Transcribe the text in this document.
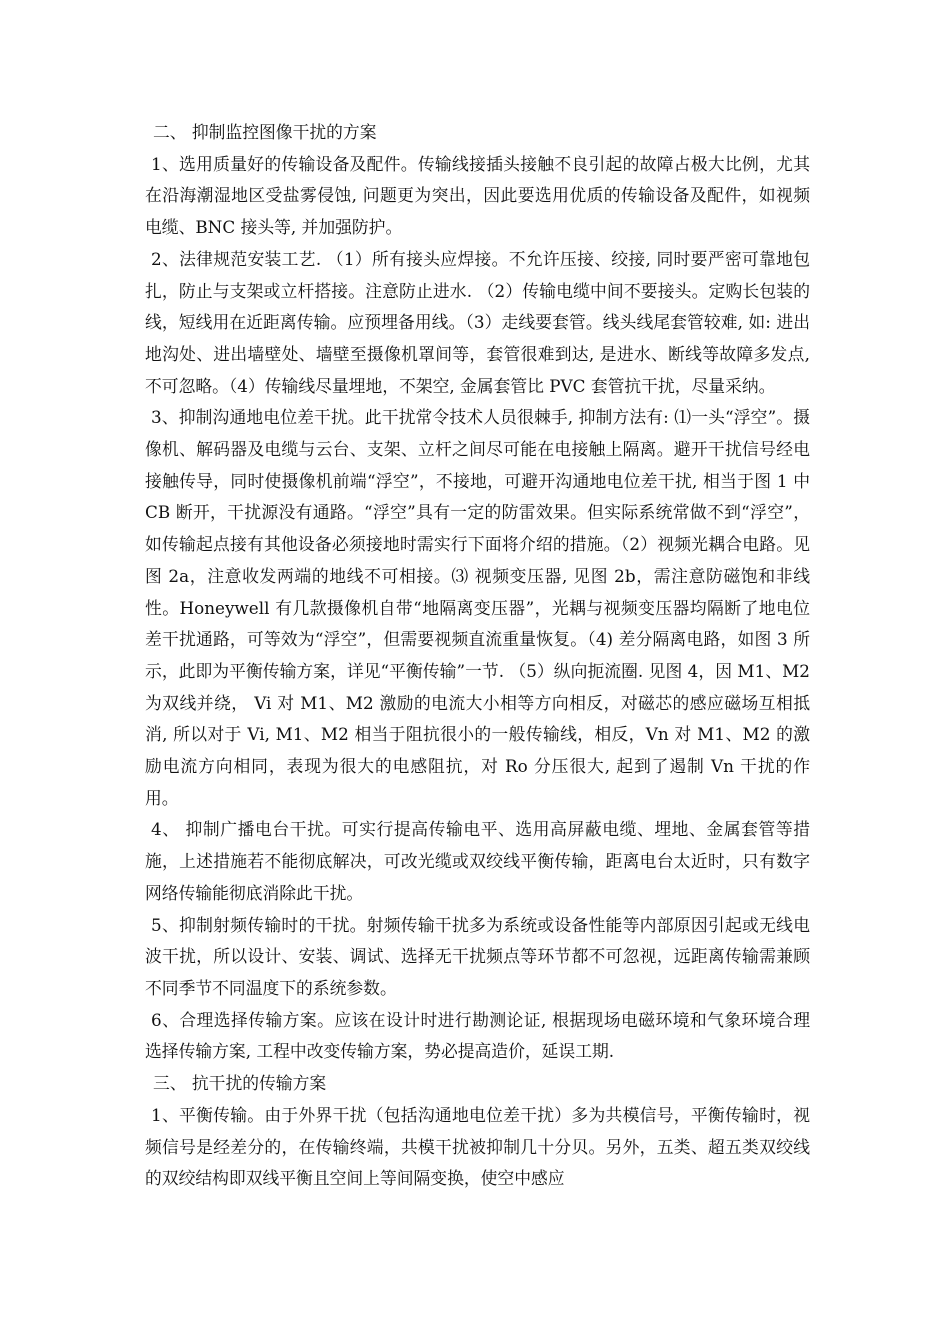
二、 抑制监控图像干扰的方案

1、选用质量好的传输设备及配件。传输线接插头接触不良引起的故障占极大比例，尤其在沿海潮湿地区受盐雾侵蚀, 问题更为突出，因此要选用优质的传输设备及配件，如视频电缆、BNC 接头等, 并加强防护。

2、法律规范安装工艺. （1）所有接头应焊接。不允许压接、绞接, 同时要严密可靠地包扎，防止与支架或立杆搭接。注意防止进水. （2）传输电缆中间不要接头。定购长包装的线，短线用在近距离传输。应预埋备用线。（3）走线要套管。线头线尾套管较难, 如: 进出地沟处、进出墙壁处、墙壁至摄像机罩间等，套管很难到达, 是进水、断线等故障多发点, 不可忽略。（4）传输线尽量埋地，不架空, 金属套管比 PVC 套管抗干扰，尽量采纳。

3、抑制沟通地电位差干扰。此干扰常令技术人员很棘手, 抑制方法有: ⑴一头“浮空”。摄像机、解码器及电缆与云台、支架、立杆之间尽可能在电接触上隔离。避开干扰信号经电接触传导，同时使摄像机前端“浮空”，不接地，可避开沟通地电位差干扰, 相当于图 1 中 CB 断开，干扰源没有通路。“浮空”具有一定的防雷效果。但实际系统常做不到“浮空”，如传输起点接有其他设备必须接地时需实行下面将介绍的措施。（2）视频光耦合电路。见图 2a，注意收发两端的地线不可相接。⑶ 视频变压器, 见图 2b，需注意防磁饱和非线性。Honeywell 有几款摄像机自带“地隔离变压器”，光耦与视频变压器均隔断了地电位差干扰通路，可等效为“浮空”，但需要视频直流重量恢复。（4) 差分隔离电路，如图 3 所示，此即为平衡传输方案，详见“平衡传输”一节. （5）纵向扼流圈. 见图 4，因 M1、M2 为双线并绕， Vi 对 M1、M2 激励的电流大小相等方向相反，对磁芯的感应磁场互相抵消, 所以对于 Vi, M1、M2 相当于阻抗很小的一般传输线，相反，Vn 对 M1、M2 的激励电流方向相同，表现为很大的电感阻抗，对 Ro 分压很大, 起到了遏制 Vn 干扰的作用。

4、 抑制广播电台干扰。可实行提高传输电平、选用高屏蔽电缆、埋地、金属套管等措施，上述措施若不能彻底解决，可改光缆或双绞线平衡传输，距离电台太近时，只有数字网络传输能彻底消除此干扰。

5、抑制射频传输时的干扰。射频传输干扰多为系统或设备性能等内部原因引起或无线电波干扰，所以设计、安装、调试、选择无干扰频点等环节都不可忽视，远距离传输需兼顾不同季节不同温度下的系统参数。

6、合理选择传输方案。应该在设计时进行勘测论证, 根据现场电磁环境和气象环境合理选择传输方案, 工程中改变传输方案，势必提高造价，延误工期.

三、 抗干扰的传输方案

1、平衡传输。由于外界干扰（包括沟通地电位差干扰）多为共模信号，平衡传输时，视频信号是经差分的，在传输终端，共模干扰被抑制几十分贝。另外，五类、超五类双绞线的双绞结构即双线平衡且空间上等间隔变换，使空中感应
